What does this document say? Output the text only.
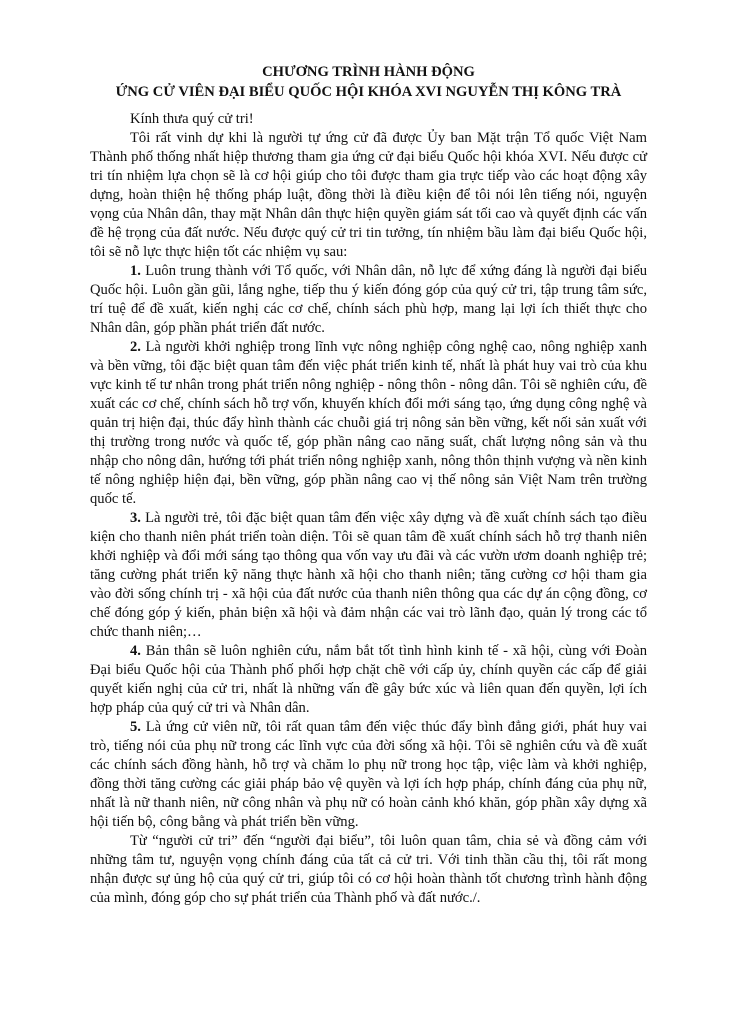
CHƯƠNG TRÌNH HÀNH ĐỘNG
ỨNG CỬ VIÊN ĐẠI BIỂU QUỐC HỘI KHÓA XVI NGUYỄN THỊ KÔNG TRÀ

Kính thưa quý cử tri!

Tôi rất vinh dự khi là người tự ứng cử đã được Ủy ban Mặt trận Tổ quốc Việt Nam Thành phố thống nhất hiệp thương tham gia ứng cử đại biểu Quốc hội khóa XVI. Nếu được cử tri tín nhiệm lựa chọn sẽ là cơ hội giúp cho tôi được tham gia trực tiếp vào các hoạt động xây dựng, hoàn thiện hệ thống pháp luật, đồng thời là điều kiện để tôi nói lên tiếng nói, nguyện vọng của Nhân dân, thay mặt Nhân dân thực hiện quyền giám sát tối cao và quyết định các vấn đề hệ trọng của đất nước. Nếu được quý cử tri tin tưởng, tín nhiệm bầu làm đại biểu Quốc hội, tôi sẽ nỗ lực thực hiện tốt các nhiệm vụ sau:

1. Luôn trung thành với Tổ quốc, với Nhân dân, nỗ lực để xứng đáng là người đại biểu Quốc hội. Luôn gần gũi, lắng nghe, tiếp thu ý kiến đóng góp của quý cử tri, tập trung tâm sức, trí tuệ để đề xuất, kiến nghị các cơ chế, chính sách phù hợp, mang lại lợi ích thiết thực cho Nhân dân, góp phần phát triển đất nước.

2. Là người khởi nghiệp trong lĩnh vực nông nghiệp công nghệ cao, nông nghiệp xanh và bền vững, tôi đặc biệt quan tâm đến việc phát triển kinh tế, nhất là phát huy vai trò của khu vực kinh tế tư nhân trong phát triển nông nghiệp - nông thôn - nông dân. Tôi sẽ nghiên cứu, đề xuất các cơ chế, chính sách hỗ trợ vốn, khuyến khích đổi mới sáng tạo, ứng dụng công nghệ và quản trị hiện đại, thúc đẩy hình thành các chuỗi giá trị nông sản bền vững, kết nối sản xuất với thị trường trong nước và quốc tế, góp phần nâng cao năng suất, chất lượng nông sản và thu nhập cho nông dân, hướng tới phát triển nông nghiệp xanh, nông thôn thịnh vượng và nền kinh tế nông nghiệp hiện đại, bền vững, góp phần nâng cao vị thế nông sản Việt Nam trên trường quốc tế.

3. Là người trẻ, tôi đặc biệt quan tâm đến việc xây dựng và đề xuất chính sách tạo điều kiện cho thanh niên phát triển toàn diện. Tôi sẽ quan tâm đề xuất chính sách hỗ trợ thanh niên khởi nghiệp và đổi mới sáng tạo thông qua vốn vay ưu đãi và các vườn ươm doanh nghiệp trẻ; tăng cường phát triển kỹ năng thực hành xã hội cho thanh niên; tăng cường cơ hội tham gia vào đời sống chính trị - xã hội của đất nước của thanh niên thông qua các dự án cộng đồng, cơ chế đóng góp ý kiến, phản biện xã hội và đảm nhận các vai trò lãnh đạo, quản lý trong các tổ chức thanh niên;…

4. Bản thân sẽ luôn nghiên cứu, nắm bắt tốt tình hình kinh tế - xã hội, cùng với Đoàn Đại biểu Quốc hội của Thành phố phối hợp chặt chẽ với cấp ủy, chính quyền các cấp để giải quyết kiến nghị của cử tri, nhất là những vấn đề gây bức xúc và liên quan đến quyền, lợi ích hợp pháp của quý cử tri và Nhân dân.

5. Là ứng cử viên nữ, tôi rất quan tâm đến việc thúc đẩy bình đẳng giới, phát huy vai trò, tiếng nói của phụ nữ trong các lĩnh vực của đời sống xã hội. Tôi sẽ nghiên cứu và đề xuất các chính sách đồng hành, hỗ trợ và chăm lo phụ nữ trong học tập, việc làm và khởi nghiệp, đồng thời tăng cường các giải pháp bảo vệ quyền và lợi ích hợp pháp, chính đáng của phụ nữ, nhất là nữ thanh niên, nữ công nhân và phụ nữ có hoàn cảnh khó khăn, góp phần xây dựng xã hội tiến bộ, công bằng và phát triển bền vững.

Từ “người cử tri” đến “người đại biểu”, tôi luôn quan tâm, chia sẻ và đồng cảm với những tâm tư, nguyện vọng chính đáng của tất cả cử tri. Với tinh thần cầu thị, tôi rất mong nhận được sự ủng hộ của quý cử tri, giúp tôi có cơ hội hoàn thành tốt chương trình hành động của mình, đóng góp cho sự phát triển của Thành phố và đất nước./.
